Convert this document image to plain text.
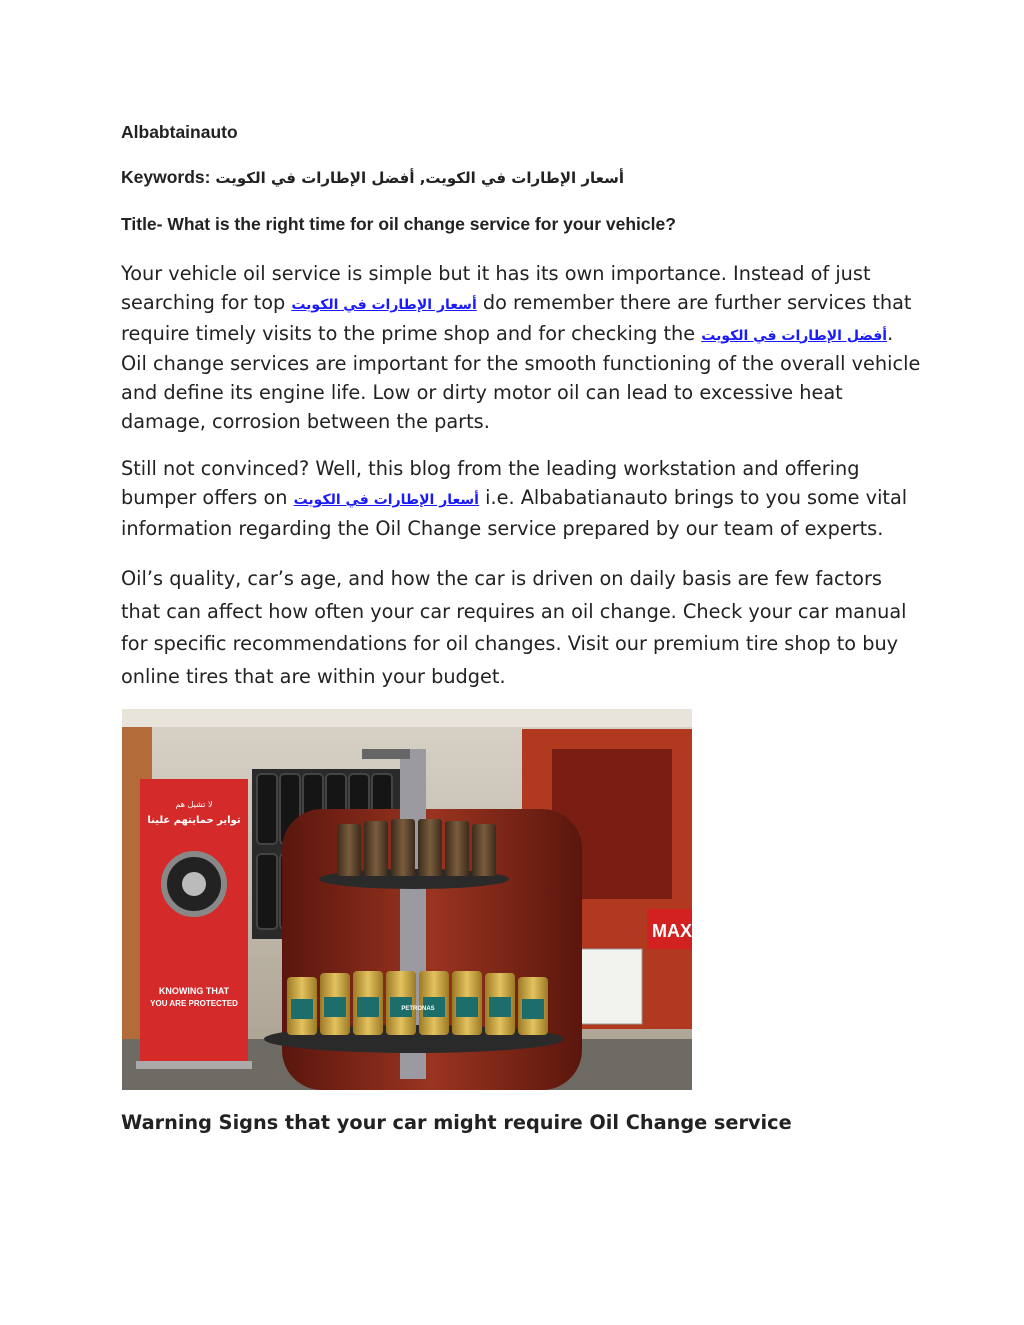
Albabtainauto

Keywords: أسعار الإطارات في الكويت, أفضل الإطارات في الكويت

Title- What is the right time for oil change service for your vehicle?

Your vehicle oil service is simple but it has its own importance. Instead of just searching for top أسعار الإطارات في الكويت do remember there are further services that require timely visits to the prime shop and for checking the أفضل الإطارات في الكويت. Oil change services are important for the smooth functioning of the overall vehicle and define its engine life. Low or dirty motor oil can lead to excessive heat damage, corrosion between the parts.

Still not convinced? Well, this blog from the leading workstation and offering bumper offers on أسعار الإطارات في الكويت i.e. Albabatianauto brings to you some vital information regarding the Oil Change service prepared by our team of experts.

Oil’s quality, car’s age, and how the car is driven on daily basis are few factors that can affect how often your car requires an oil change. Check your car manual for specific recommendations for oil changes. Visit our premium tire shop to buy online tires that are within your budget.

MAX
لا تشيل هم
تواير حمايتهم علينا
KNOWING THAT
YOU ARE PROTECTED
PETRONAS

Warning Signs that your car might require Oil Change service
